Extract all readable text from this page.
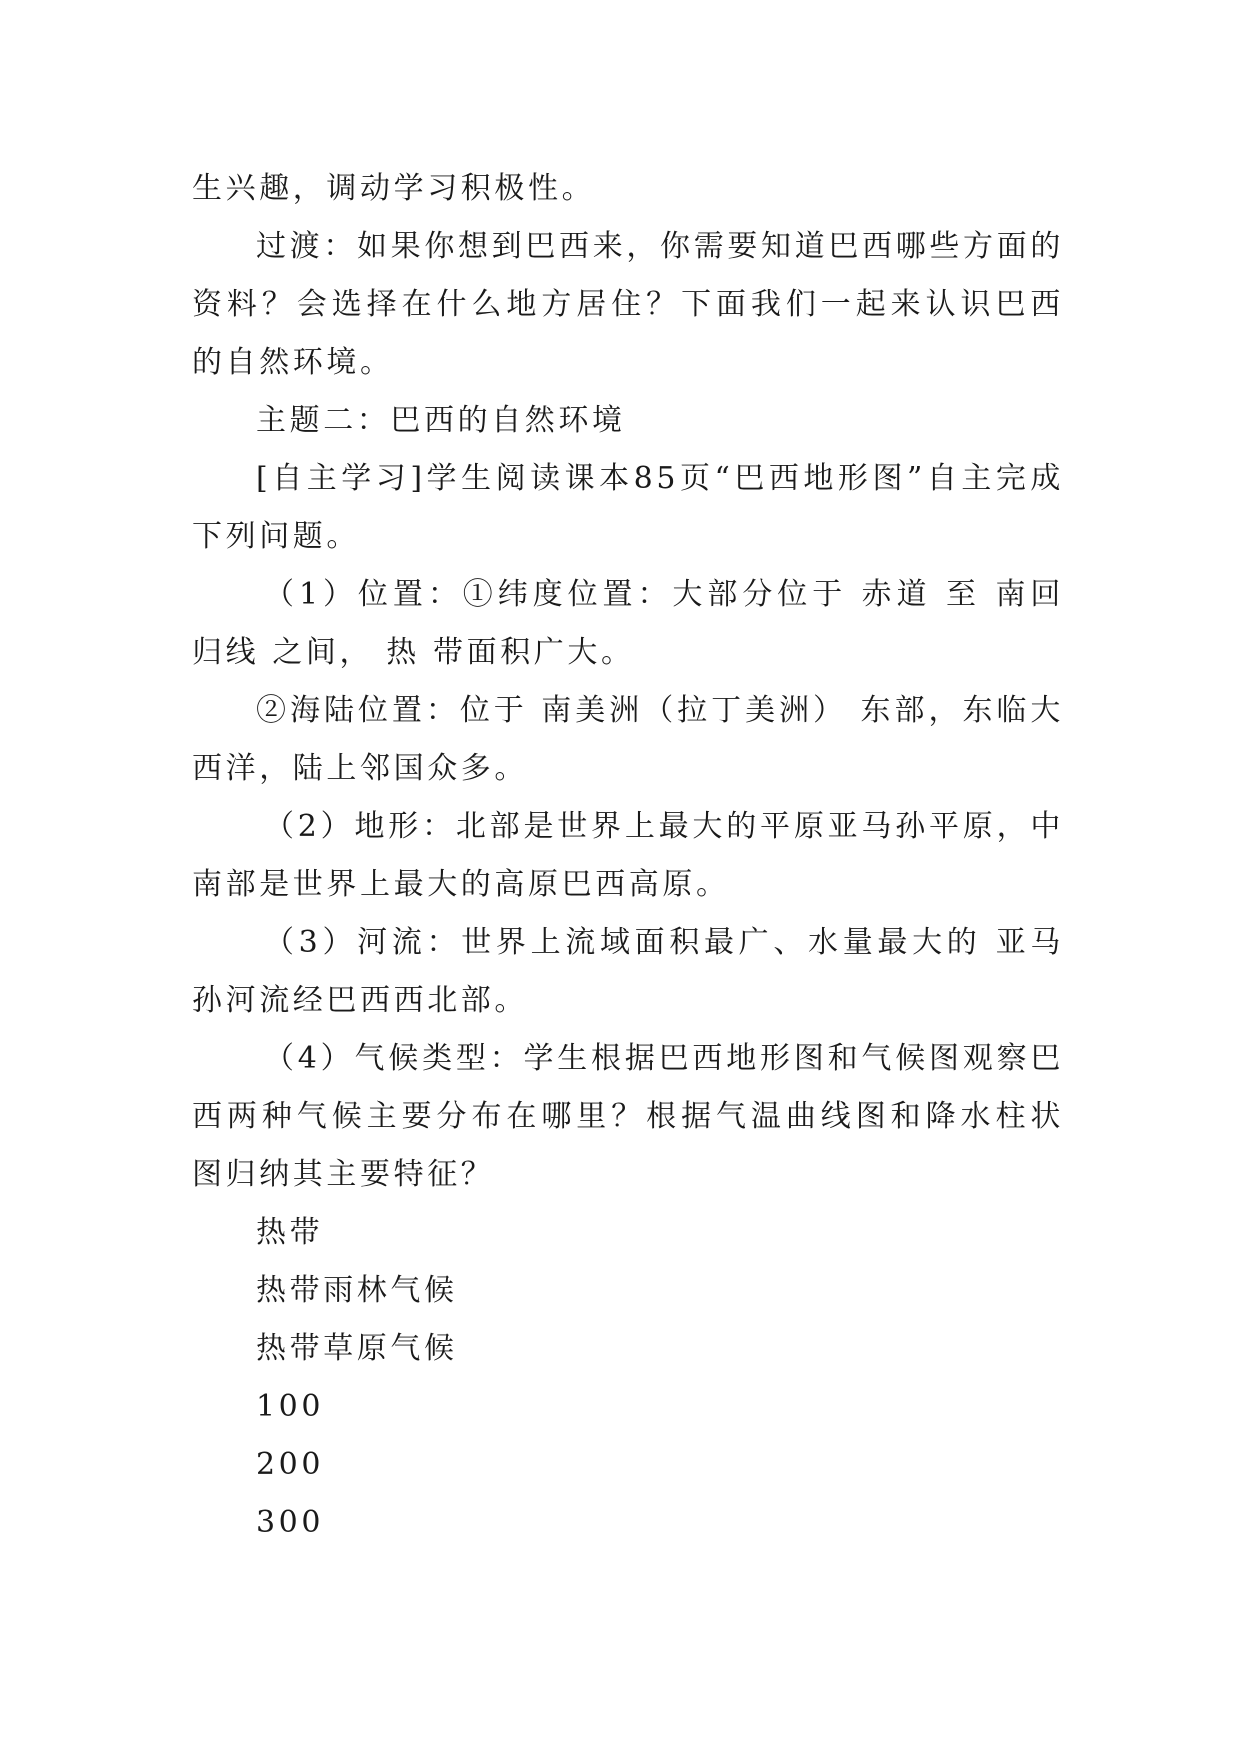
生兴趣，调动学习积极性。

过渡：如果你想到巴西来，你需要知道巴西哪些方面的资料？会选择在什么地方居住？下面我们一起来认识巴西的自然环境。

主题二：巴西的自然环境

[自主学习]学生阅读课本85页“巴西地形图”自主完成下列问题。

（1）位置：①纬度位置：大部分位于 赤道 至 南回归线 之间， 热 带面积广大。

②海陆位置：位于 南美洲（拉丁美洲） 东部，东临大西洋，陆上邻国众多。

（2）地形：北部是世界上最大的平原亚马孙平原，中南部是世界上最大的高原巴西高原。

（3）河流：世界上流域面积最广、水量最大的 亚马孙河流经巴西西北部。

（4）气候类型：学生根据巴西地形图和气候图观察巴西两种气候主要分布在哪里？根据气温曲线图和降水柱状图归纳其主要特征？

热带

热带雨林气候

热带草原气候

100

200

300
